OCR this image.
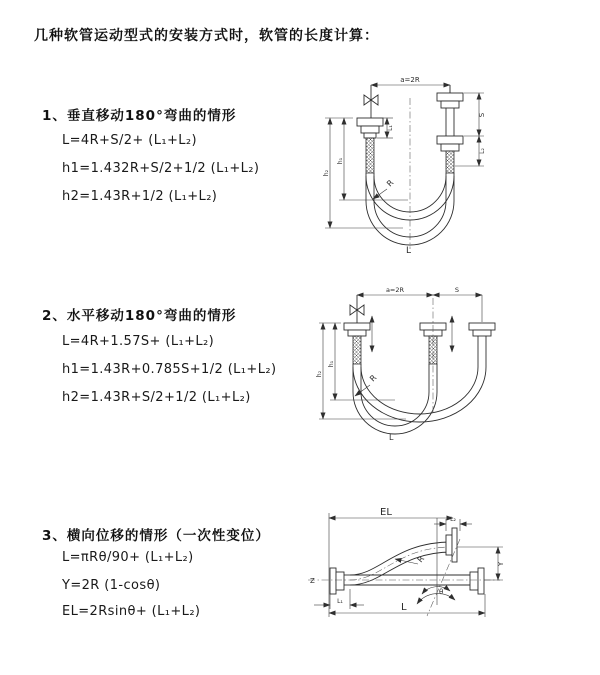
几种软管运动型式的安装方式时，软管的长度计算：
1、垂直移动180°弯曲的情形
L=4R+S/2+ (L₁+L₂)
h1=1.432R+S/2+1/2 (L₁+L₂)
h2=1.43R+1/2 (L₁+L₂)
a=2R
R
h₁
h₂
L₁
S
L₂
L
2、水平移动180°弯曲的情形
L=4R+1.57S+ (L₁+L₂)
h1=1.43R+0.785S+1/2 (L₁+L₂)
h2=1.43R+S/2+1/2 (L₁+L₂)
a=2R	S
R
h₁
h₂
L
3、横向位移的情形（一次性变位）
L=πRθ/90+ (L₁+L₂)
Y=2R (1-cosθ)
EL=2Rsinθ+ (L₁+L₂)
EL
L₂
Z
θ
R	Y
L₁
L
